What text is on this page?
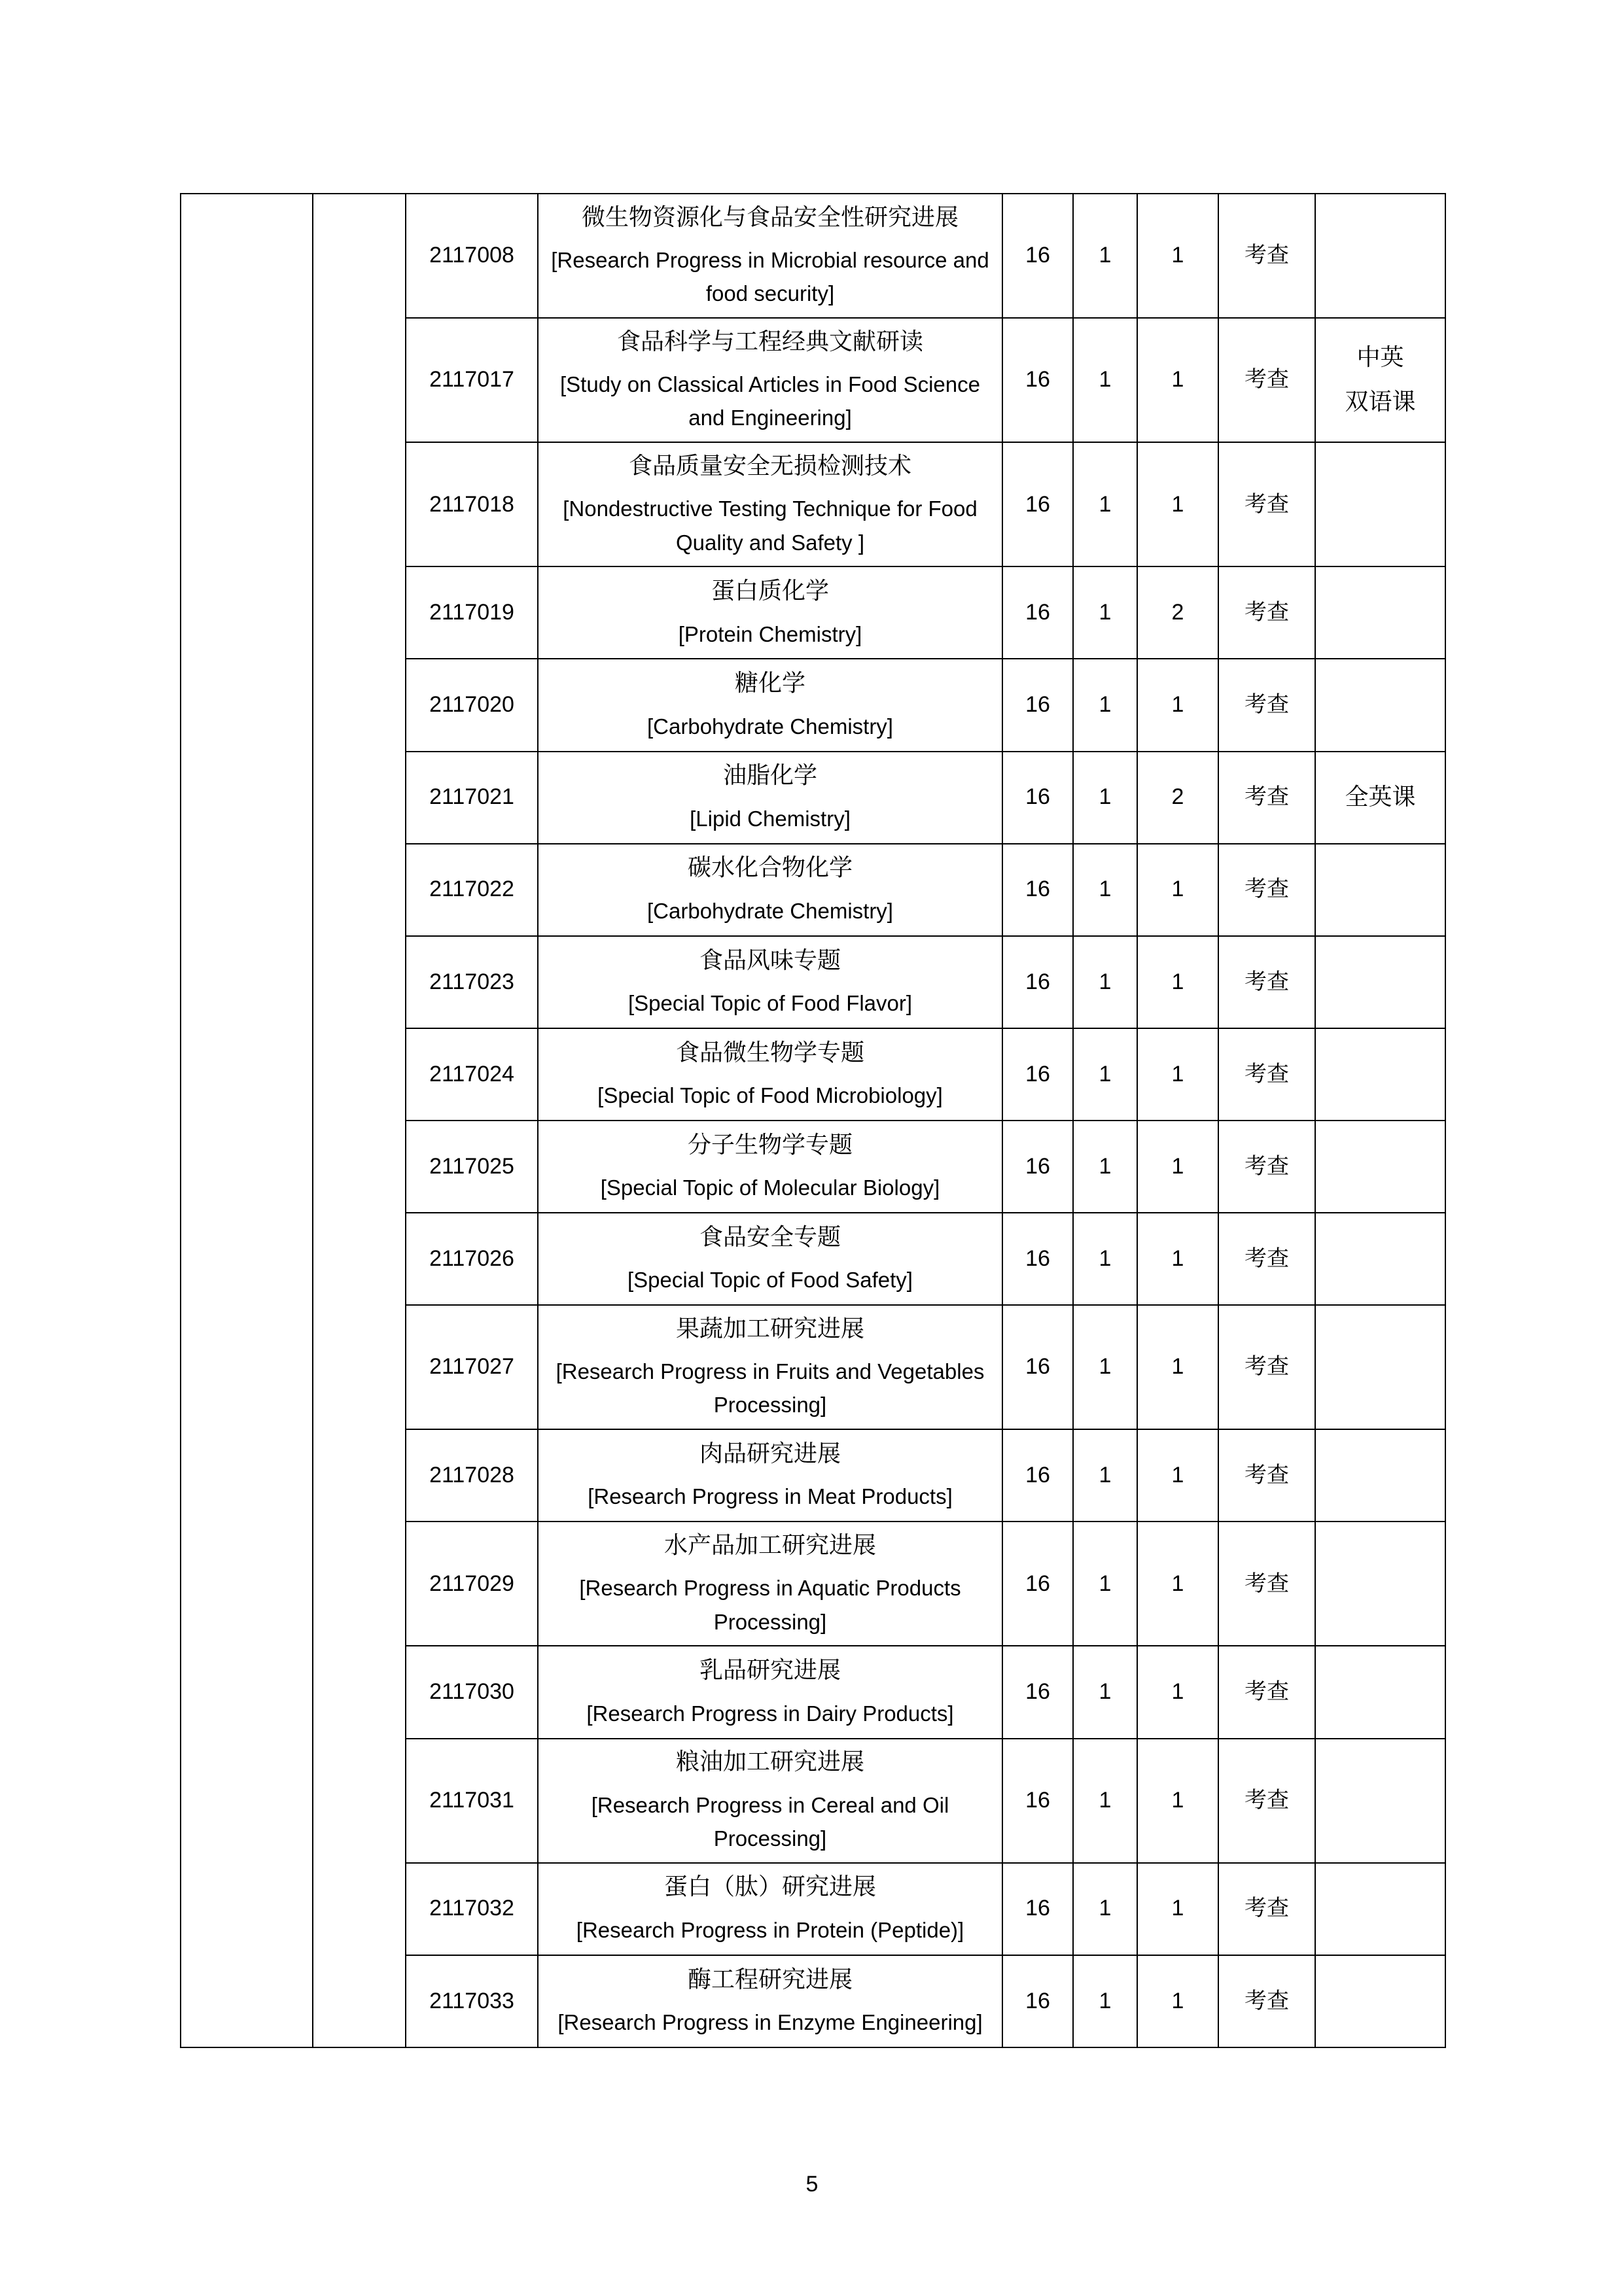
		2117008	微生物资源化与食品安全性研究进展
[Research Progress in Microbial resource and food security]	16	1	1	考查	
		2117017	食品科学与工程经典文献研读
[Study on Classical Articles in Food Science and Engineering]	16	1	1	考查	中英
双语课
		2117018	食品质量安全无损检测技术
[Nondestructive Testing Technique for Food Quality and Safety ]	16	1	1	考查	
		2117019	蛋白质化学
[Protein Chemistry]	16	1	2	考查	
		2117020	糖化学
[Carbohydrate Chemistry]	16	1	1	考查	
		2117021	油脂化学
[Lipid Chemistry]	16	1	2	考查	全英课
		2117022	碳水化合物化学
[Carbohydrate Chemistry]	16	1	1	考查	
		2117023	食品风味专题
[Special Topic of Food Flavor]	16	1	1	考查	
		2117024	食品微生物学专题
[Special Topic of Food Microbiology]	16	1	1	考查	
		2117025	分子生物学专题
[Special Topic of Molecular Biology]	16	1	1	考查	
		2117026	食品安全专题
[Special Topic of Food Safety]	16	1	1	考查	
		2117027	果蔬加工研究进展
[Research Progress in Fruits and Vegetables Processing]	16	1	1	考查	
		2117028	肉品研究进展
[Research Progress in Meat Products]	16	1	1	考查	
		2117029	水产品加工研究进展
[Research Progress in Aquatic Products Processing]	16	1	1	考查	
		2117030	乳品研究进展
[Research Progress in Dairy Products]	16	1	1	考查	
		2117031	粮油加工研究进展
[Research Progress in Cereal and Oil Processing]	16	1	1	考查	
		2117032	蛋白（肽）研究进展
[Research Progress in Protein (Peptide)]	16	1	1	考查	
		2117033	酶工程研究进展
[Research Progress in Enzyme Engineering]	16	1	1	考查	
5
